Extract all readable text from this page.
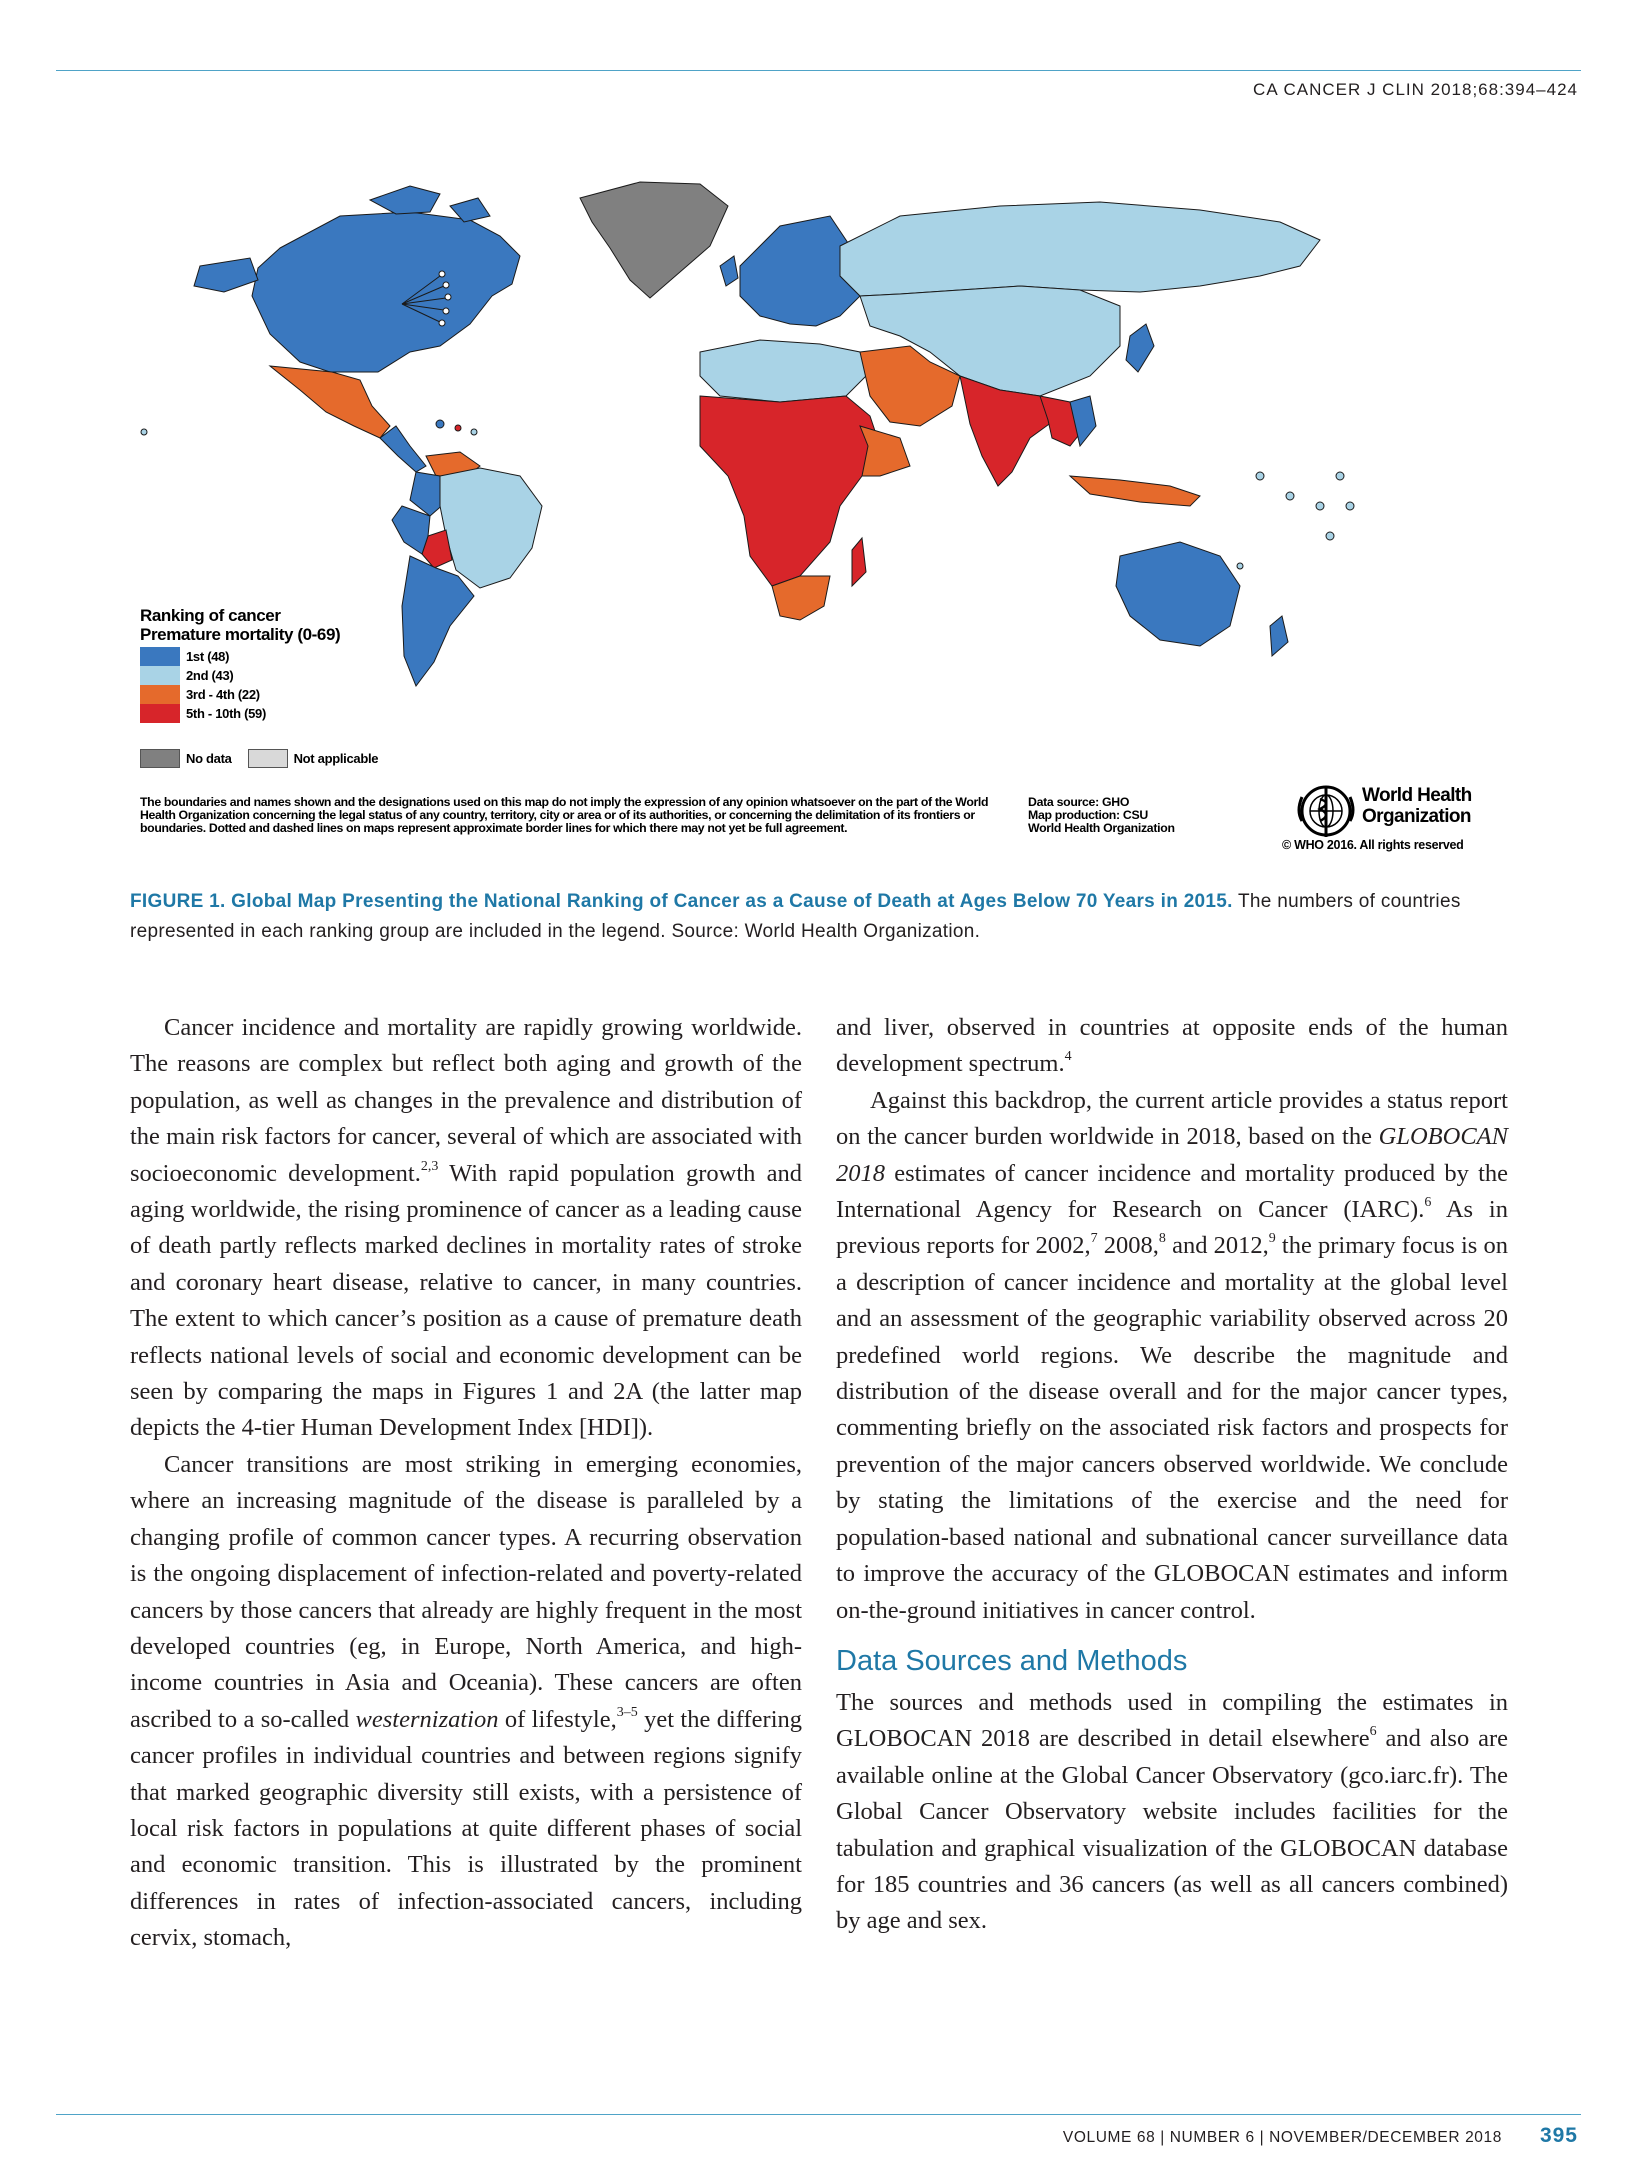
CA CANCER J CLIN 2018;68:394–424
Ranking of cancer
Premature mortality (0-69)
1st (48)
2nd (43)
3rd - 4th (22)
5th - 10th (59)
No data	Not applicable
The boundaries and names shown and the designations used on this map do not imply the expression of any opinion whatsoever on the part of the World Health Organization concerning the legal status of any country, territory, city or area or of its authorities, or concerning the delimitation of its frontiers or boundaries. Dotted and dashed lines on maps represent approximate border lines for which there may not yet be full agreement.
Data source: GHO
Map production: CSU
World Health Organization
World Health
Organization
© WHO 2016. All rights reserved
FIGURE 1. Global Map Presenting the National Ranking of Cancer as a Cause of Death at Ages Below 70 Years in 2015. The numbers of countries represented in each ranking group are included in the legend. Source: World Health Organization.

Cancer incidence and mortality are rapidly growing worldwide. The reasons are complex but reflect both aging and growth of the population, as well as changes in the prevalence and distribution of the main risk factors for cancer, several of which are associated with socioeconomic development.$^{2,3}$ With rapid population growth and aging worldwide, the rising prominence of cancer as a leading cause of death partly reflects marked declines in mortality rates of stroke and coronary heart disease, relative to cancer, in many countries. The extent to which cancer’s position as a cause of premature death reflects national levels of social and economic development can be seen by comparing the maps in Figures 1 and 2A (the latter map depicts the 4-tier Human Development Index [HDI]).

Cancer transitions are most striking in emerging economies, where an increasing magnitude of the disease is paralleled by a changing profile of common cancer types. A recurring observation is the ongoing displacement of infection-related and poverty-related cancers by those cancers that already are highly frequent in the most developed countries (eg, in Europe, North America, and high-income countries in Asia and Oceania). These cancers are often ascribed to a so-called westernization of lifestyle,$^{3-5}$ yet the differing cancer profiles in individual countries and between regions signify that marked geographic diversity still exists, with a persistence of local risk factors in populations at quite different phases of social and economic transition. This is illustrated by the prominent differences in rates of infection-associated cancers, including cervix, stomach,

and liver, observed in countries at opposite ends of the human development spectrum.$^4$

Against this backdrop, the current article provides a status report on the cancer burden worldwide in 2018, based on the GLOBOCAN 2018 estimates of cancer incidence and mortality produced by the International Agency for Research on Cancer (IARC).$^6$ As in previous reports for 2002,$^7$ 2008,$^8$ and 2012,$^9$ the primary focus is on a description of cancer incidence and mortality at the global level and an assessment of the geographic variability observed across 20 predefined world regions. We describe the magnitude and distribution of the disease overall and for the major cancer types, commenting briefly on the associated risk factors and prospects for prevention of the major cancers observed worldwide. We conclude by stating the limitations of the exercise and the need for population-based national and subnational cancer surveillance data to improve the accuracy of the GLOBOCAN estimates and inform on-the-ground initiatives in cancer control.

Data Sources and Methods

The sources and methods used in compiling the estimates in GLOBOCAN 2018 are described in detail elsewhere$^6$ and also are available online at the Global Cancer Observatory (gco.iarc.fr). The Global Cancer Observatory website includes facilities for the tabulation and graphical visualization of the GLOBOCAN database for 185 countries and 36 cancers (as well as all cancers combined) by age and sex.

VOLUME 68 | NUMBER 6 | NOVEMBER/DECEMBER 2018 395
